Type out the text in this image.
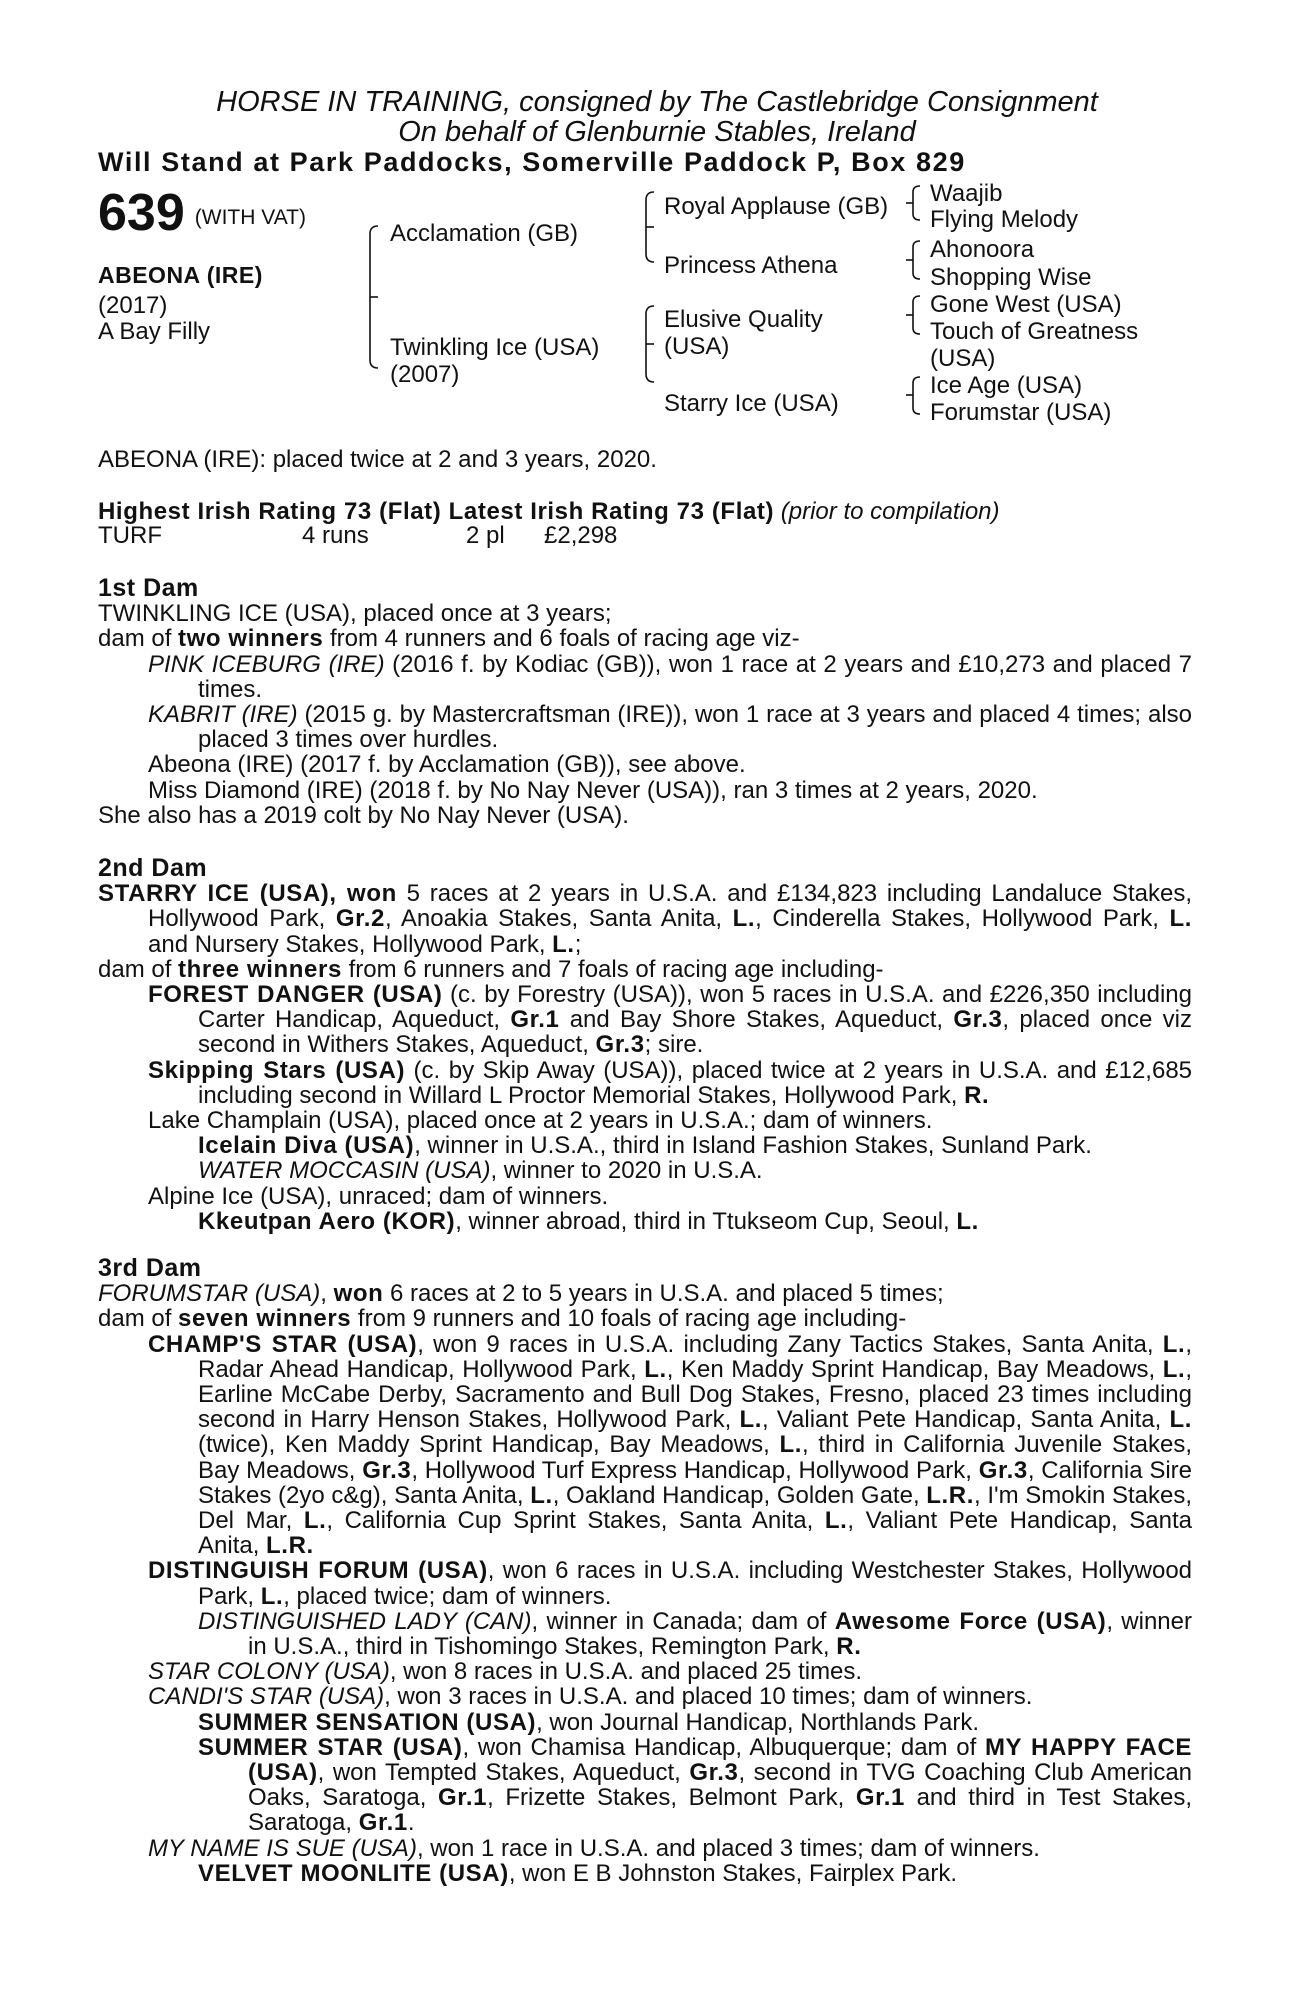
HORSE IN TRAINING, consigned by The Castlebridge Consignment
On behalf of Glenburnie Stables, Ireland
Will Stand at Park Paddocks, Somerville Paddock P, Box 829
639 (WITH VAT)
ABEONA (IRE)
(2017)
A Bay Filly
Acclamation (GB)
Twinkling Ice (USA)
(2007)
Royal Applause (GB)
Princess Athena
Elusive Quality
(USA)
Starry Ice (USA)
Waajib
Flying Melody
Ahonoora
Shopping Wise
Gone West (USA)
Touch of Greatness
(USA)
Ice Age (USA)
Forumstar (USA)
ABEONA (IRE): placed twice at 2 and 3 years, 2020.
Highest Irish Rating 73 (Flat) Latest Irish Rating 73 (Flat) (prior to compilation)
TURF	4 runs	2 pl £2,298
1st Dam
TWINKLING ICE (USA), placed once at 3 years;
dam of two winners from 4 runners and 6 foals of racing age viz-
PINK ICEBURG (IRE) (2016 f. by Kodiac (GB)), won 1 race at 2 years and £10,273 and placed 7 times.
KABRIT (IRE) (2015 g. by Mastercraftsman (IRE)), won 1 race at 3 years and placed 4 times; also placed 3 times over hurdles.
Abeona (IRE) (2017 f. by Acclamation (GB)), see above.
Miss Diamond (IRE) (2018 f. by No Nay Never (USA)), ran 3 times at 2 years, 2020.
She also has a 2019 colt by No Nay Never (USA).
2nd Dam
STARRY ICE (USA), won 5 races at 2 years in U.S.A. and £134,823 including Landaluce Stakes, Hollywood Park, Gr.2, Anoakia Stakes, Santa Anita, L., Cinderella Stakes, Hollywood Park, L. and Nursery Stakes, Hollywood Park, L.;
dam of three winners from 6 runners and 7 foals of racing age including-
FOREST DANGER (USA) (c. by Forestry (USA)), won 5 races in U.S.A. and £226,350 including Carter Handicap, Aqueduct, Gr.1 and Bay Shore Stakes, Aqueduct, Gr.3, placed once viz second in Withers Stakes, Aqueduct, Gr.3; sire.
Skipping Stars (USA) (c. by Skip Away (USA)), placed twice at 2 years in U.S.A. and £12,685 including second in Willard L Proctor Memorial Stakes, Hollywood Park, R.
Lake Champlain (USA), placed once at 2 years in U.S.A.; dam of winners.
Icelain Diva (USA), winner in U.S.A., third in Island Fashion Stakes, Sunland Park.
WATER MOCCASIN (USA), winner to 2020 in U.S.A.
Alpine Ice (USA), unraced; dam of winners.
Kkeutpan Aero (KOR), winner abroad, third in Ttukseom Cup, Seoul, L.
3rd Dam
FORUMSTAR (USA), won 6 races at 2 to 5 years in U.S.A. and placed 5 times;
dam of seven winners from 9 runners and 10 foals of racing age including-
CHAMP'S STAR (USA), won 9 races in U.S.A. including Zany Tactics Stakes, Santa Anita, L., Radar Ahead Handicap, Hollywood Park, L., Ken Maddy Sprint Handicap, Bay Meadows, L., Earline McCabe Derby, Sacramento and Bull Dog Stakes, Fresno, placed 23 times including second in Harry Henson Stakes, Hollywood Park, L., Valiant Pete Handicap, Santa Anita, L. (twice), Ken Maddy Sprint Handicap, Bay Meadows, L., third in California Juvenile Stakes, Bay Meadows, Gr.3, Hollywood Turf Express Handicap, Hollywood Park, Gr.3, California Sire Stakes (2yo c&g), Santa Anita, L., Oakland Handicap, Golden Gate, L.R., I'm Smokin Stakes, Del Mar, L., California Cup Sprint Stakes, Santa Anita, L., Valiant Pete Handicap, Santa Anita, L.R.
DISTINGUISH FORUM (USA), won 6 races in U.S.A. including Westchester Stakes, Hollywood Park, L., placed twice; dam of winners.
DISTINGUISHED LADY (CAN), winner in Canada; dam of Awesome Force (USA), winner in U.S.A., third in Tishomingo Stakes, Remington Park, R.
STAR COLONY (USA), won 8 races in U.S.A. and placed 25 times.
CANDI'S STAR (USA), won 3 races in U.S.A. and placed 10 times; dam of winners.
SUMMER SENSATION (USA), won Journal Handicap, Northlands Park.
SUMMER STAR (USA), won Chamisa Handicap, Albuquerque; dam of MY HAPPY FACE (USA), won Tempted Stakes, Aqueduct, Gr.3, second in TVG Coaching Club American Oaks, Saratoga, Gr.1, Frizette Stakes, Belmont Park, Gr.1 and third in Test Stakes, Saratoga, Gr.1.
MY NAME IS SUE (USA), won 1 race in U.S.A. and placed 3 times; dam of winners.
VELVET MOONLITE (USA), won E B Johnston Stakes, Fairplex Park.
